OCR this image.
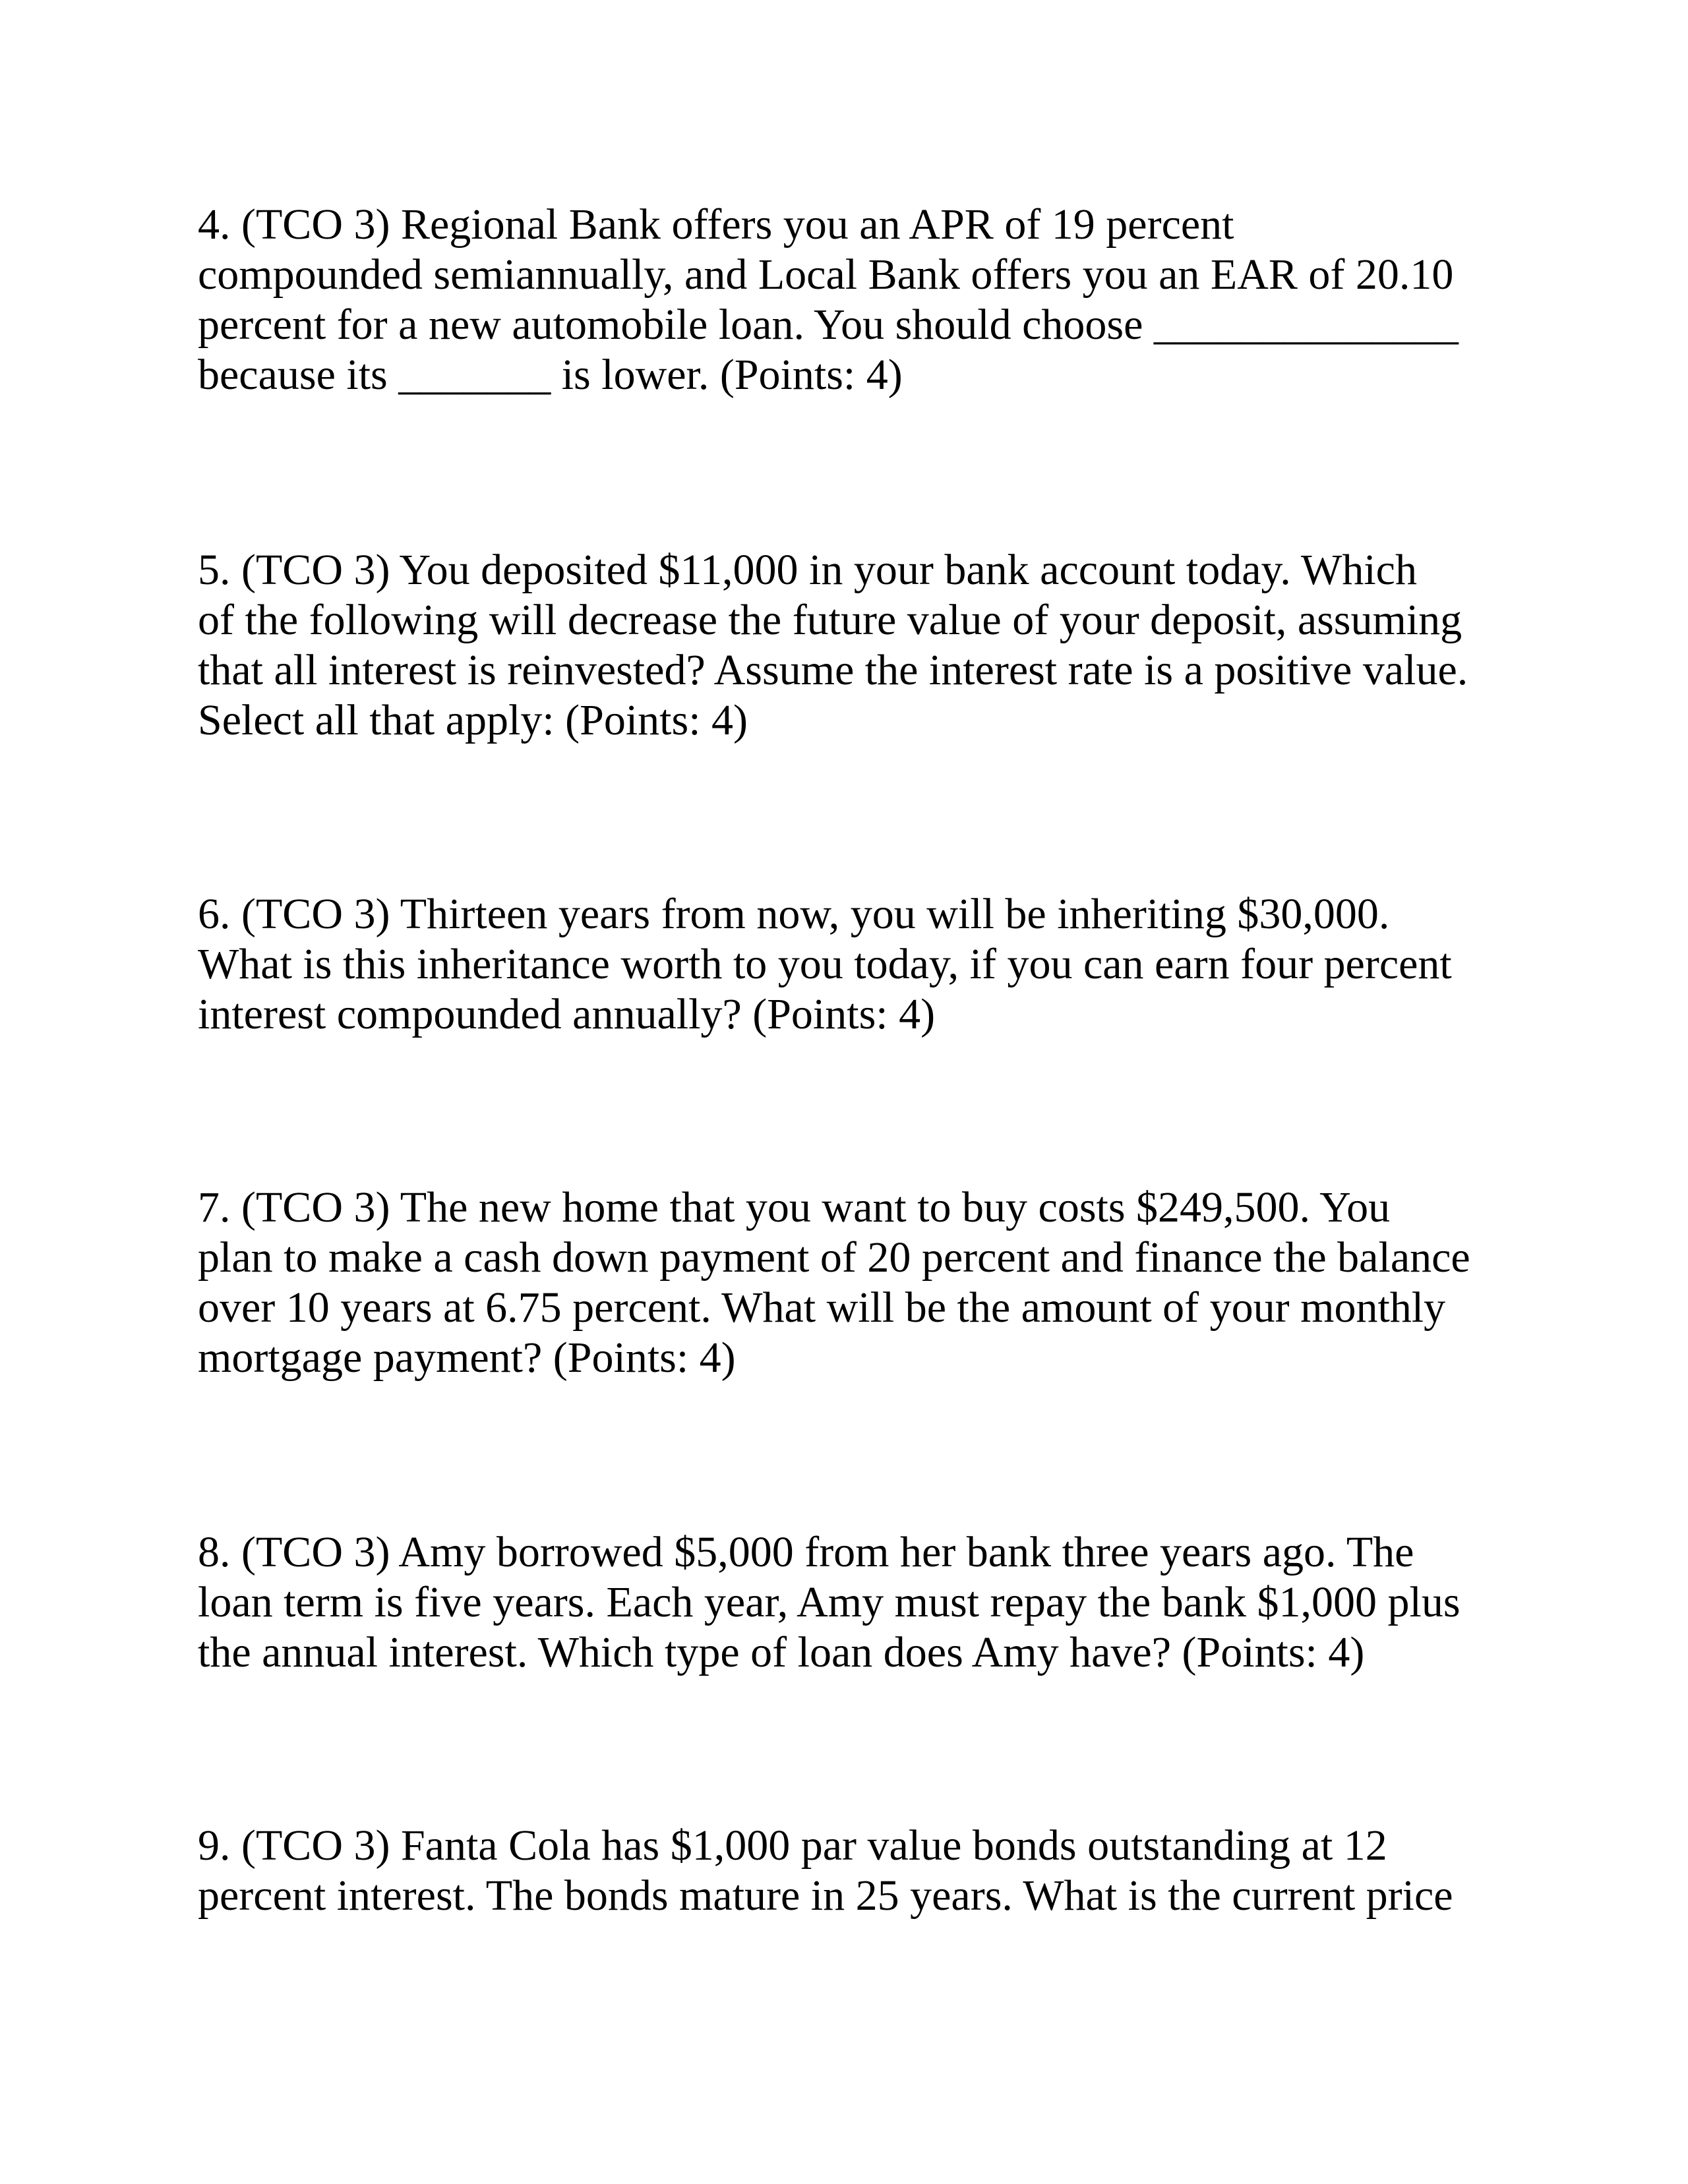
4. (TCO 3) Regional Bank offers you an APR of 19 percent
compounded semiannually, and Local Bank offers you an EAR of 20.10
percent for a new automobile loan. You should choose ______________
because its _______ is lower. (Points: 4)

5. (TCO 3) You deposited $11,000 in your bank account today. Which
of the following will decrease the future value of your deposit, assuming
that all interest is reinvested? Assume the interest rate is a positive value.
Select all that apply: (Points: 4)

6. (TCO 3) Thirteen years from now, you will be inheriting $30,000.
What is this inheritance worth to you today, if you can earn four percent
interest compounded annually? (Points: 4)

7. (TCO 3) The new home that you want to buy costs $249,500. You
plan to make a cash down payment of 20 percent and finance the balance
over 10 years at 6.75 percent. What will be the amount of your monthly
mortgage payment? (Points: 4)

8. (TCO 3) Amy borrowed $5,000 from her bank three years ago. The
loan term is five years. Each year, Amy must repay the bank $1,000 plus
the annual interest. Which type of loan does Amy have? (Points: 4)

9. (TCO 3) Fanta Cola has $1,000 par value bonds outstanding at 12
percent interest. The bonds mature in 25 years. What is the current price
